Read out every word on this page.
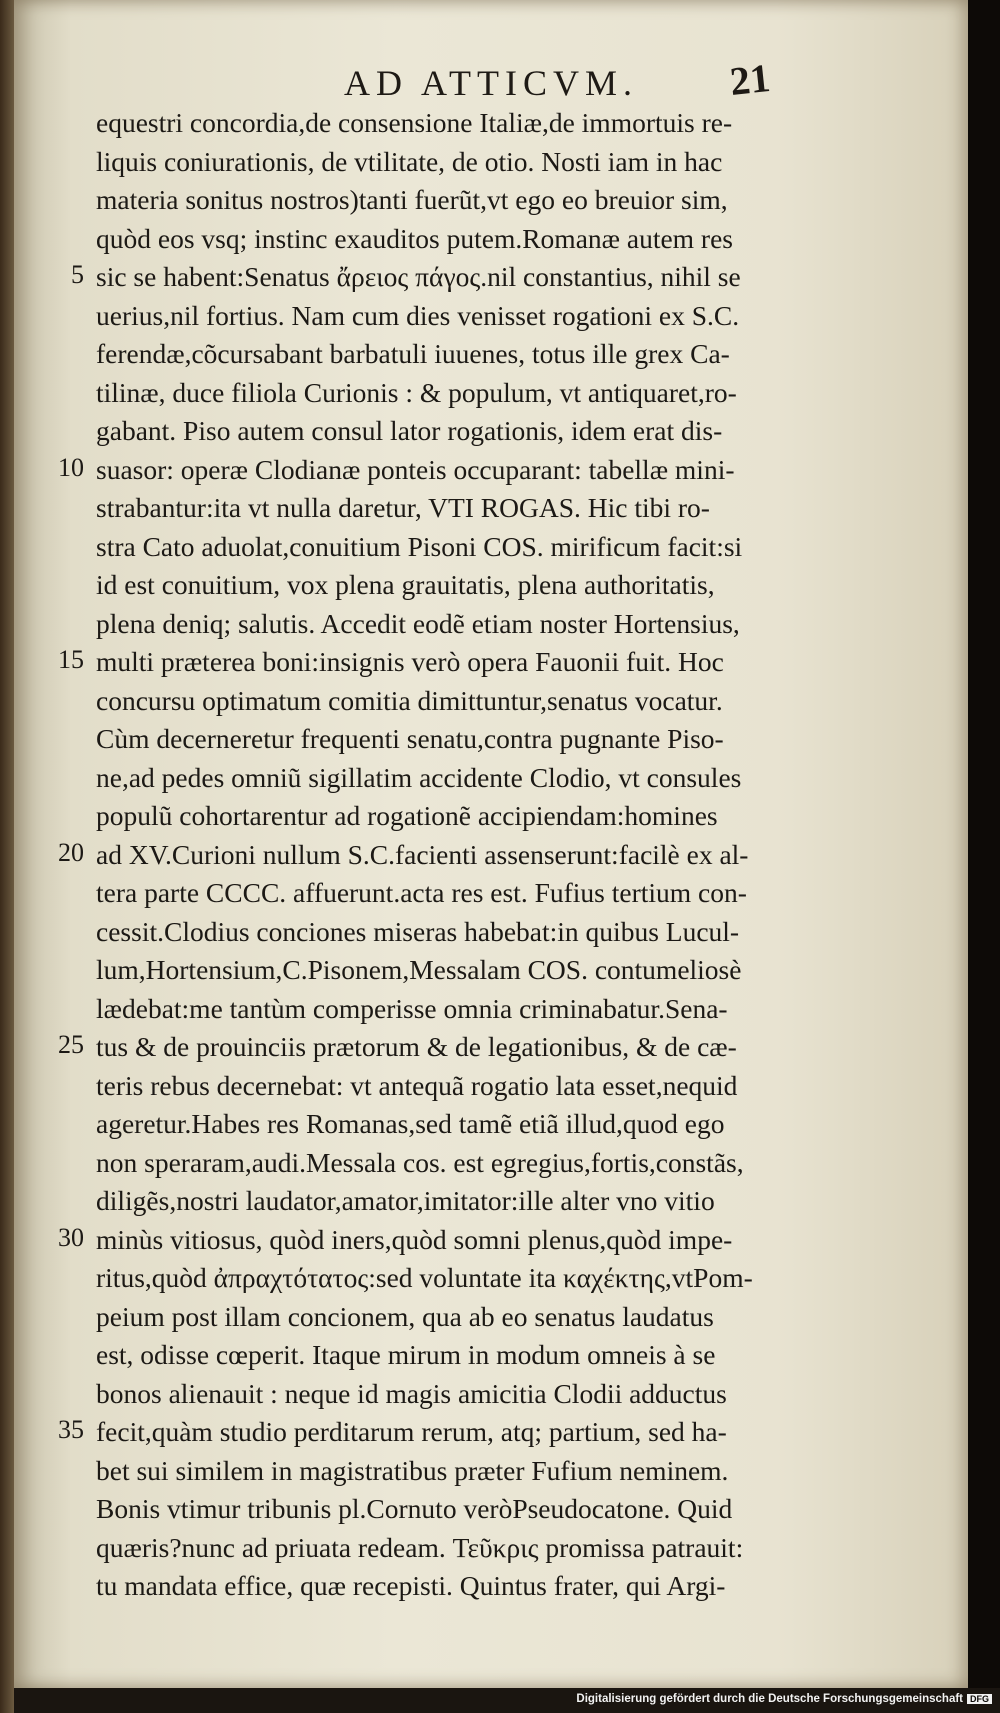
AD ATTICVM.	21
equestri concordia,de consensione Italiæ,de immortuis re-
liquis coniurationis, de vtilitate, de otio. Nosti iam in hac
materia sonitus nostros)tanti fuerũt,vt ego eo breuior sim,
quòd eos vsq; instinc exauditos putem.Romanæ autem res
sic se habent:Senatus ἄρειος πάγος.nil constantius, nihil se
uerius,nil fortius. Nam cum dies venisset rogationi ex S.C.
ferendæ,cõcursabant barbatuli iuuenes, totus ille grex Ca-
tilinæ, duce filiola Curionis : & populum, vt antiquaret,ro-
gabant. Piso autem consul lator rogationis, idem erat dis-
suasor: operæ Clodianæ ponteis occuparant: tabellæ mini-
strabantur:ita vt nulla daretur, VTI ROGAS. Hic tibi ro-
stra Cato aduolat,conuitium Pisoni COS. mirificum facit:si
id est conuitium, vox plena grauitatis, plena authoritatis,
plena deniq; salutis. Accedit eodẽ etiam noster Hortensius,
multi præterea boni:insignis verò opera Fauonii fuit. Hoc
concursu optimatum comitia dimittuntur,senatus vocatur.
Cùm decerneretur frequenti senatu,contra pugnante Piso-
ne,ad pedes omniũ sigillatim accidente Clodio, vt consules
populũ cohortarentur ad rogationẽ accipiendam:homines
ad XV.Curioni nullum S.C.facienti assenserunt:facilè ex al-
tera parte CCCC. affuerunt.acta res est. Fufius tertium con-
cessit.Clodius conciones miseras habebat:in quibus Lucul-
lum,Hortensium,C.Pisonem,Messalam COS. contumeliosè
lædebat:me tantùm comperisse omnia criminabatur.Sena-
tus & de prouinciis prætorum & de legationibus, & de cæ-
teris rebus decernebat: vt antequã rogatio lata esset,nequid
ageretur.Habes res Romanas,sed tamẽ etiã illud,quod ego
non speraram,audi.Messala cos. est egregius,fortis,constãs,
diligẽs,nostri laudator,amator,imitator:ille alter vno vitio
minùs vitiosus, quòd iners,quòd somni plenus,quòd impe-
ritus,quòd ἀπραχτότατος:sed voluntate ita καχέκτης,vtPom-
peium post illam concionem, qua ab eo senatus laudatus
est, odisse cœperit. Itaque mirum in modum omneis à se
bonos alienauit : neque id magis amicitia Clodii adductus
fecit,quàm studio perditarum rerum, atq; partium, sed ha-
bet sui similem in magistratibus præter Fufium neminem.
Bonis vtimur tribunis pl.Cornuto veròPseudocatone. Quid
quæris?nunc ad priuata redeam. Τεῦκρις promissa patrauit:
tu mandata effice, quæ recepisti. Quintus frater, qui Argi-
5
10
15
20
25
30
35
Digitalisierung gefördert durch die Deutsche Forschungsgemeinschaft DFG
